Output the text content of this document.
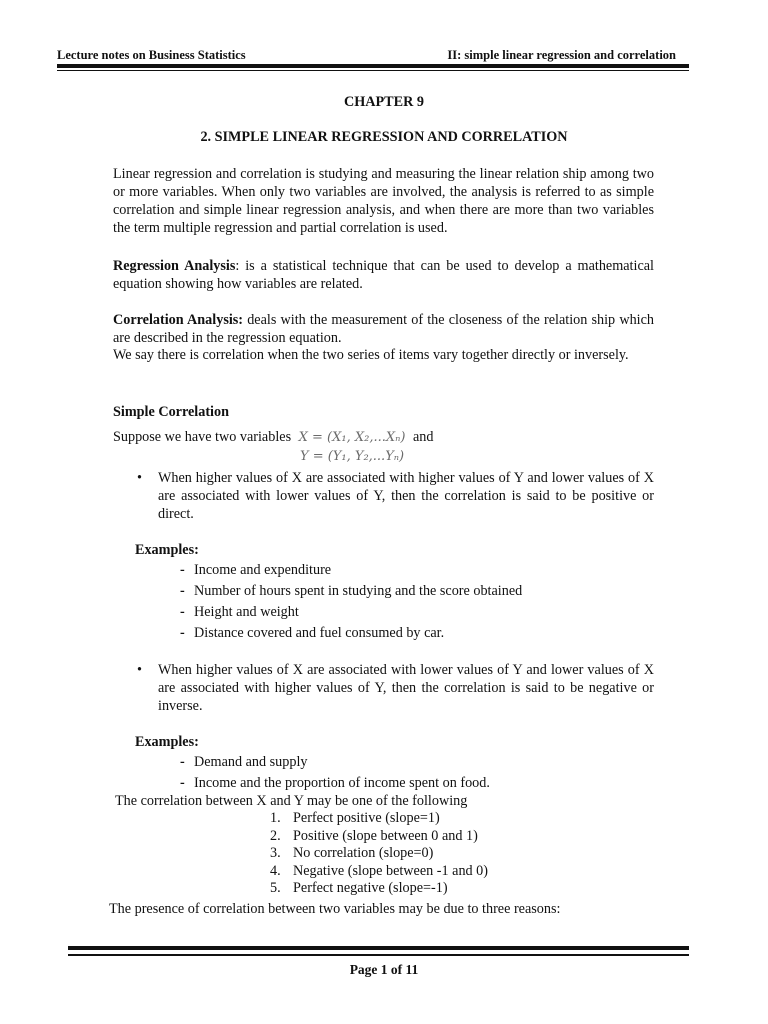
Lecture notes on Business Statistics	II: simple linear regression and correlation
CHAPTER 9
2. SIMPLE LINEAR REGRESSION AND CORRELATION
Linear regression and correlation is studying and measuring the linear relation ship among two or more variables. When only two variables are involved, the analysis is referred to as simple correlation and simple linear regression analysis, and when there are more than two variables the term multiple regression and partial correlation is used.
Regression Analysis: is a statistical technique that can be used to develop a mathematical equation showing how variables are related.
Correlation Analysis: deals with the measurement of the closeness of the relation ship which are described in the regression equation.
We say there is correlation when the two series of items vary together directly or inversely.
Simple Correlation
Suppose we have two variables X = (X₁, X₂,...Xₙ) and
Y = (Y₁, Y₂,...Yₙ)
• When higher values of X are associated with higher values of Y and lower values of X are associated with lower values of Y, then the correlation is said to be positive or direct.
Examples:
- Income and expenditure
- Number of hours spent in studying and the score obtained
- Height and weight
- Distance covered and fuel consumed by car.
• When higher values of X are associated with lower values of Y and lower values of X are associated with higher values of Y, then the correlation is said to be negative or inverse.
Examples:
- Demand and supply
- Income and the proportion of income spent on food.
The correlation between X and Y may be one of the following
1. Perfect positive (slope=1)
2. Positive (slope between 0 and 1)
3. No correlation (slope=0)
4. Negative (slope between -1 and 0)
5. Perfect negative (slope=-1)
The presence of correlation between two variables may be due to three reasons:
Page 1 of 11
